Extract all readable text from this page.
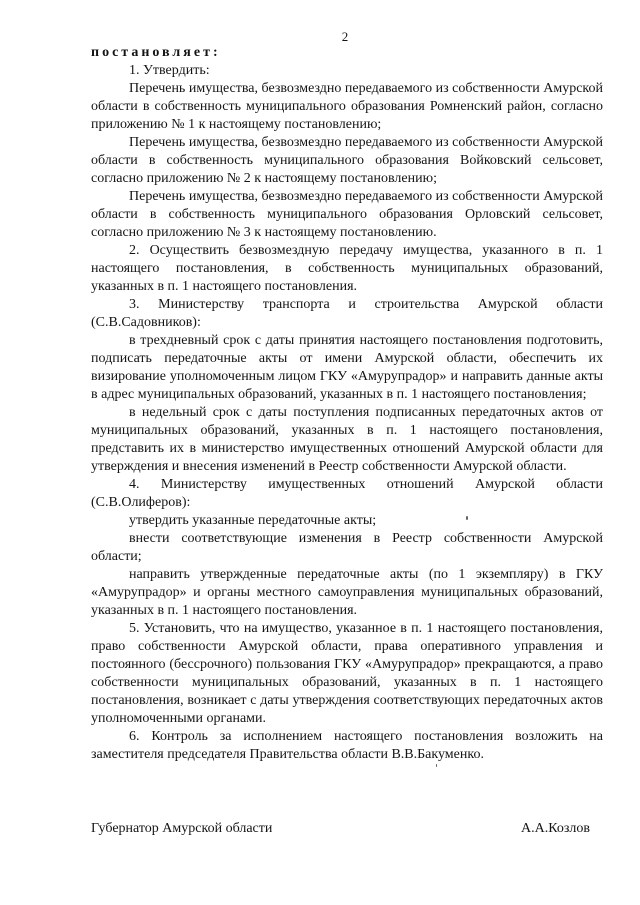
2

постановляет:

1. Утвердить:

Перечень имущества, безвозмездно передаваемого из собственности Амурской области в собственность муниципального образования Ромненский район, согласно приложению № 1 к настоящему постановлению;

Перечень имущества, безвозмездно передаваемого из собственности Амурской области в собственность муниципального образования Войковский сельсовет, согласно приложению № 2 к настоящему постановлению;

Перечень имущества, безвозмездно передаваемого из собственности Амурской области в собственность муниципального образования Орловский сельсовет, согласно приложению № 3 к настоящему постановлению.

2. Осуществить безвозмездную передачу имущества, указанного в п. 1 настоящего постановления, в собственность муниципальных образований, указанных в п. 1 настоящего постановления.

3. Министерству транспорта и строительства Амурской области (С.В.Садовников):

в трехдневный срок с даты принятия настоящего постановления подготовить, подписать передаточные акты от имени Амурской области, обеспечить их визирование уполномоченным лицом ГКУ «Амурупрадор» и направить данные акты в адрес муниципальных образований, указанных в п. 1 настоящего постановления;

в недельный срок с даты поступления подписанных передаточных актов от муниципальных образований, указанных в п. 1 настоящего постановления, представить их в министерство имущественных отношений Амурской области для утверждения и внесения изменений в Реестр собственности Амурской области.

4. Министерству имущественных отношений Амурской области (С.В.Олиферов):

утвердить указанные передаточные акты;

внести соответствующие изменения в Реестр собственности Амурской области;

направить утвержденные передаточные акты (по 1 экземпляру) в ГКУ «Амурупрадор» и органы местного самоуправления муниципальных образований, указанных в п. 1 настоящего постановления.

5. Установить, что на имущество, указанное в п. 1 настоящего постановления, право собственности Амурской области, права оперативного управления и постоянного (бессрочного) пользования ГКУ «Амурупрадор» прекращаются, а право собственности муниципальных образований, указанных в п. 1 настоящего постановления, возникает с даты утверждения соответствующих передаточных актов уполномоченными органами.

6. Контроль за исполнением настоящего постановления возложить на заместителя председателя Правительства области В.В.Бакуменко.

Губернатор Амурской области	А.А.Козлов
